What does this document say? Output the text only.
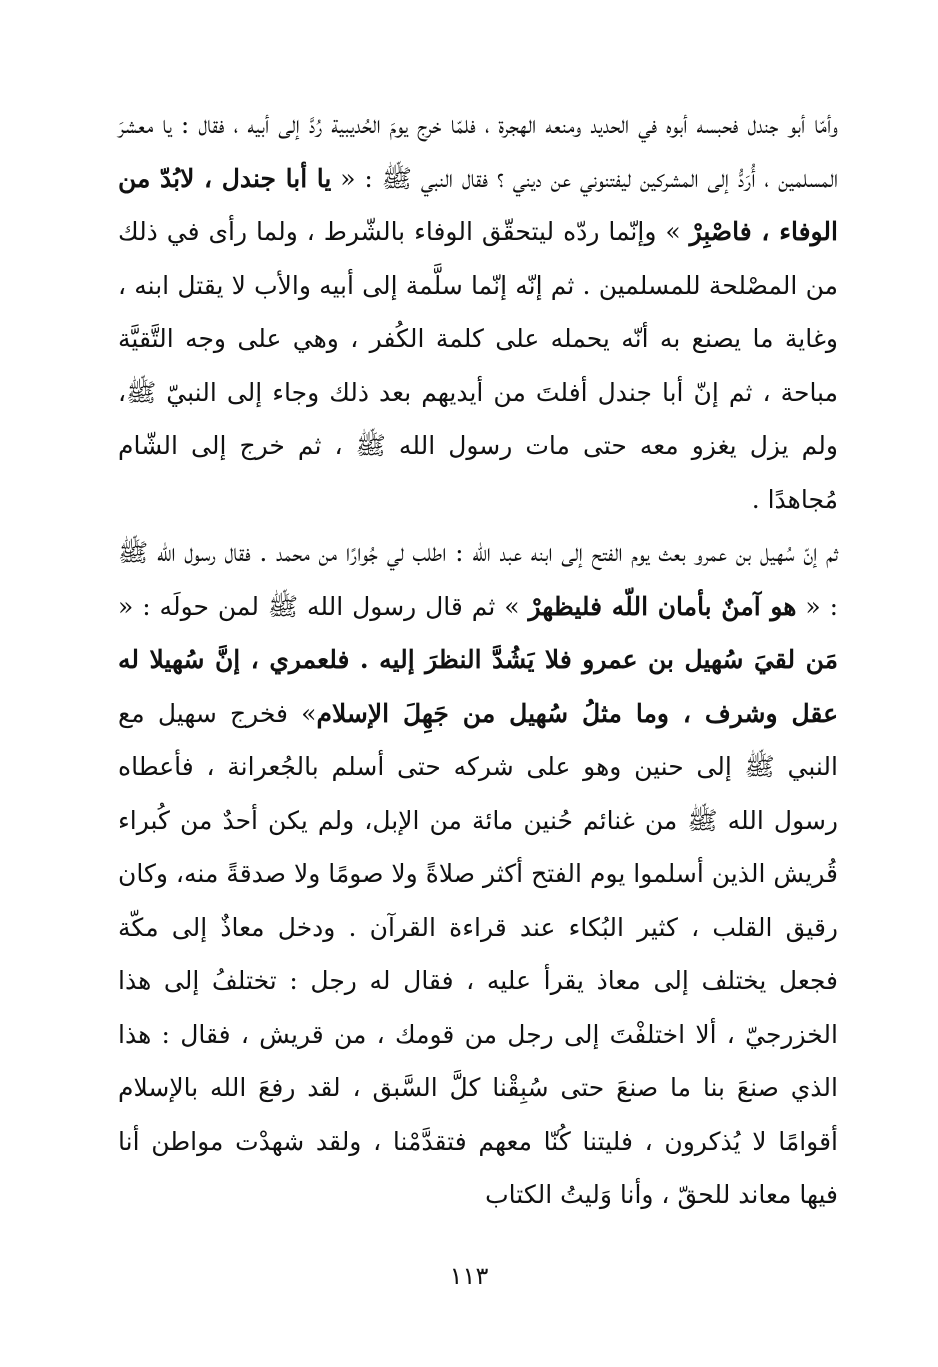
وأمّا أبو جندل فحبسه أبوه في الحديد ومنعه الهجرة ، فلمّا خرج يومَ الحُديبية رُدَّ إلى أبيه ، فقال : يا معشرَ المسلمين ، أُرَدُّ إلى المشركين ليفتنوني عن ديني ؟ فقال النبي ﷺ : « يا أبا جندل ، لابُدّ من الوفاء ، فاصْبِرْ » وإنّما ردّه ليتحقّق الوفاء بالشّرط ، ولما رأى في ذلك من المصْلحة للمسلمين . ثم إنّه إنّما سلَّمة إلى أبيه والأب لا يقتل ابنه ، وغاية ما يصنع به أنّه يحمله على كلمة الكُفر ، وهي على وجه التَّقيَّة مباحة ، ثم إنّ أبا جندل أفلتَ من أيديهم بعد ذلك وجاء إلى النبيّ ﷺ، ولم يزل يغزو معه حتى مات رسول الله ﷺ ، ثم خرج إلى الشّام مُجاهدًا .

ثم إنّ سُهيل بن عمرو بعث يوم الفتح إلى ابنه عبد الله : اطلب لي جُوارًا من محمد . فقال رسول الله ﷺ : « هو آمنٌ بأمان اللّه فليظهرْ » ثم قال رسول الله ﷺ لمن حولَه : « مَن لقيَ سُهيل بن عمرو فلا يَشُدَّ النظرَ إليه . فلعمري ، إنَّ سُهيلا له عقل وشرف ، وما مثلُ سُهيل من جَهِلَ الإسلام» فخرج سهيل مع النبي ﷺ إلى حنين وهو على شركه حتى أسلم بالجُعرانة ، فأعطاه رسول الله ﷺ من غنائم حُنين مائة من الإبل، ولم يكن أحدٌ من كُبراء قُريش الذين أسلموا يوم الفتح أكثر صلاةً ولا صومًا ولا صدقةً منه، وكان رقيق القلب ، كثير البُكاء عند قراءة القرآن . ودخل معاذٌ إلى مكّة فجعل يختلف إلى معاذ يقرأ عليه ، فقال له رجل : تختلفُ إلى هذا الخزرجيّ ، ألا اختلفْتَ إلى رجل من قومك ، من قريش ، فقال : هذا الذي صنعَ بنا ما صنعَ حتى سُبِقْنا كلَّ السَّبق ، لقد رفعَ الله بالإسلام أقوامًا لا يُذكرون ، فليتنا كُنّا معهم فتقدَّمْنا ، ولقد شهدْت مواطن أنا فيها معاند للحقّ ، وأنا وَليتُ الكتاب

١١٣
